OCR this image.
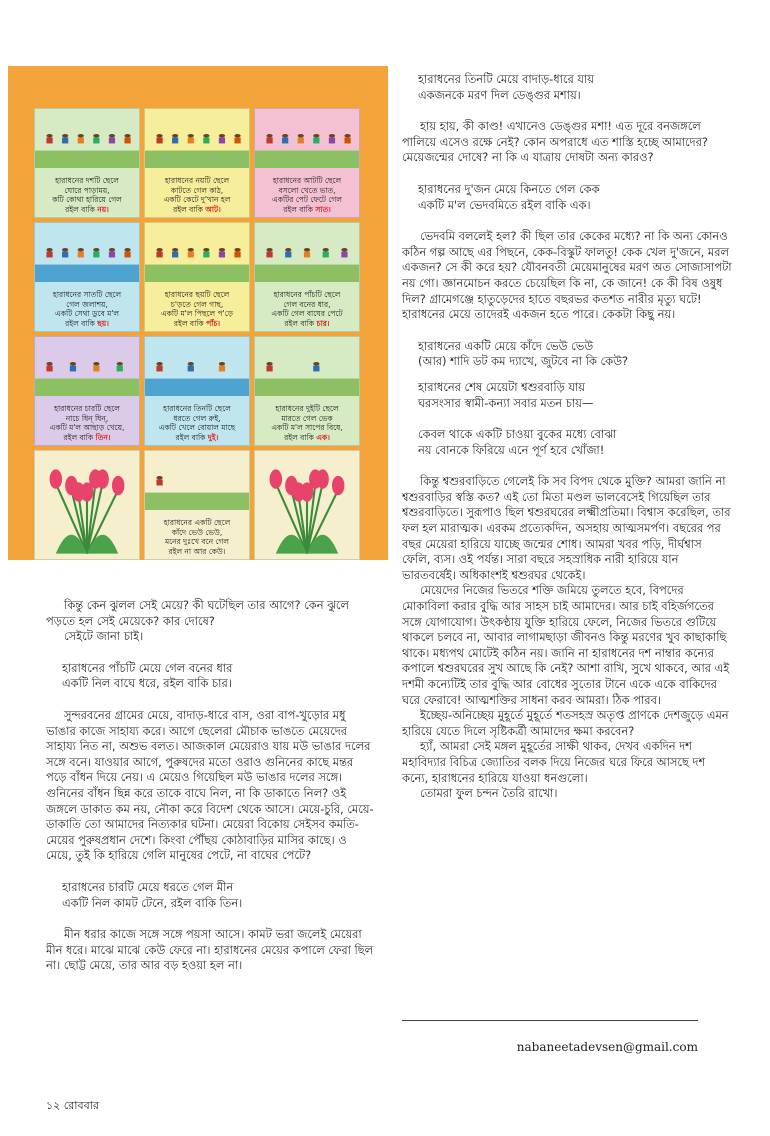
হারাধনের দশটি ছেলে
ঘোরে পাড়াময়,
কটি কোথা হারিয়ে গেল
রইল বাকি নয়।
হারাধনের নয়টি ছেলে
কাটতে গেল কাঠ,
একটি কেটে দু'খান হল
রইল বাকি আট।
হারাধনের আটটি ছেলে
বসলো খেতে ভাত,
একটির পেট ফেটে গেল
রইল বাকি সাত।
হারাধনের সাতটি ছেলে
গেল জলাশয়,
একটি সেথা ডুবে ম'ল
রইল বাকি ছয়।
হারাধনের ছয়টি ছেলে
চ'ড়তে গেল গাছ,
একটি ম'ল পিছলে প'ড়ে
রইল বাকি পাঁচ।
হারাধনের পাঁচটি ছেলে
গেল বনের ধার,
একটি গেল বাঘের পেটে
রইল বাকি চার।
হারাধনের চারটি ছেলে
নাচে ধিন্ ধিন্,
একটি ম'ল আছাড় খেয়ে,
রইল বাকি তিন।
হারাধনের তিনটি ছেলে
ধরতে গেল রুই,
একটি খেলে বোয়াল মাছে
রইল বাকি দুই।
হারাধনের দুইটি ছেলে
মারতে গেল ভেক
একটি ম'ল সাপের বিষে,
রইল বাকি এক।
হারাধনের একটি ছেলে
কাঁদে ভেউ ভেউ,
মনের দুঃখে বনে গেল
রইল না আর কেউ।

কিন্তু কেন ঝুলল সেই মেয়ে? কী ঘটেছিল তার আগে? কেন ঝুলে পড়তে হল সেই মেয়েকে? কার দোষে?

সেইটে জানা চাই।

হারাধনের পাঁচটি মেয়ে গেল বনের ধার
একটি নিল বাঘে ধরে, রইল বাকি চার।

সুন্দরবনের গ্রামের মেয়ে, বাদাড়-ধারে বাস, ওরা বাপ-খুড়োর মধু ভাঙার কাজে সাহায্য করে। আগে ছেলেরা মৌচাক ভাঙতে মেয়েদের সাহায্য নিত না, অশুভ বলত। আজকাল মেয়েরাও যায় মউ ভাঙার দলের সঙ্গে বনে। যাওয়ার আগে, পুরুষদের মতো ওরাও গুনিনের কাছে মন্তর পড়ে বাঁধন দিয়ে নেয়। এ মেয়েও গিয়েছিল মউ ভাঙার দলের সঙ্গে। গুনিনের বাঁধন ছিন্ন করে তাকে বাঘে নিল, না কি ডাকাতে নিল? ওই জঙ্গলে ডাকাত কম নয়, নৌকা করে বিদেশ থেকে আসে। মেয়ে-চুরি, মেয়ে-ডাকাতি তো আমাদের নিত্যকার ঘটনা। মেয়েরা বিকোয় সেইসব কমতি-মেয়ের পুরুষপ্রধান দেশে। কিংবা পৌঁছয় কোঠাবাড়ির মাসির কাছে। ও মেয়ে, তুই কি হারিয়ে গেলি মানুষের পেটে, না বাঘের পেটে?

হারাধনের চারটি মেয়ে ধরতে গেল মীন
একটি নিল কামট টেনে, রইল বাকি তিন।

মীন ধরার কাজে সঙ্গে সঙ্গে পয়সা আসে। কামট ভরা জলেই মেয়েরা মীন ধরে। মাঝে মাঝে কেউ ফেরে না। হারাধনের মেয়ের কপালে ফেরা ছিল না। ছোট্ট মেয়ে, তার আর বড় হওয়া হল না।

হারাধনের তিনটি মেয়ে বাদাড়-ধারে যায়
একজনকে মরণ দিল ডেঙ্গুর মশায়।

হায় হায়, কী কাণ্ড! এখানেও ডেঙ্গুর মশা! এত দূরে বনজঙ্গলে পালিয়ে এসেও রক্ষে নেই? কোন অপরাধে এত শাস্তি হচ্ছে আমাদের? মেয়েজন্মের দোষে? না কি এ যাত্রায় দোষটা অন্য কারও?

হারাধনের দু'জন মেয়ে কিনতে গেল কেক
একটি ম'ল ভেদবমিতে রইল বাকি এক।

ভেদবমি বললেই হল? কী ছিল তার কেকের মধ্যে? না কি অন্য কোনও কঠিন গল্প আছে এর পিছনে, কেক-বিস্কুট ফালতু! কেক খেল দু'জনে, মরল একজন? সে কী করে হয়? যৌবনবতী মেয়েমানুষের মরণ অত সোজাসাপটা নয় গো। জ্ঞানমোচন করতে চেয়েছিল কি না, কে জানে! কে কী বিষ ওষুধ দিল? গ্রামেগঞ্জে হাতুড়েদের হাতে বছরভর কতশত নারীর মৃত্যু ঘটে! হারাধনের মেয়ে তাদেরই একজন হতে পারে। কেকটা কিছু নয়।

হারাধনের একটি মেয়ে কাঁদে ভেউ ভেউ
(আর) শাদি ডট কম দ্যাখে, জুটবে না কি কেউ?
হারাধনের শেষ মেয়েটা শ্বশুরবাড়ি যায়
ঘরসংসার স্বামী-কন্যা সবার মতন চায়—
কেবল থাকে একটি চাওয়া বুকের মধ্যে বোঝা
নয় বোনকে ফিরিয়ে এনে পূর্ণ হবে খোঁজা!

কিন্তু শ্বশুরবাড়িতে গেলেই কি সব বিপদ থেকে মুক্তি? আমরা জানি না শ্বশুরবাড়ির স্বস্তি কত? এই তো মিতা মণ্ডল ভালবেসেই গিয়েছিল তার শ্বশুরবাড়িতে। সুরূপাও ছিল শ্বশুরঘরের লক্ষ্মীপ্রতিমা। বিশ্বাস করেছিল, তার ফল হল মারাত্মক। এরকম প্রত্যেকদিন, অসহায় আত্মসমর্পণ। বছরের পর বছর মেয়েরা হারিয়ে যাচ্ছে জন্মের শোধ। আমরা খবর পড়ি, দীর্ঘশ্বাস ফেলি, ব্যস। ওই পর্যন্ত। সারা বছরে সহস্রাধিক নারী হারিয়ে যান ভারতবর্ষেই। অধিকাংশই শ্বশুরঘর থেকেই।

মেয়েদের নিজের ভিতরে শক্তি জমিয়ে তুলতে হবে, বিপদের মোকাবিলা করার বুদ্ধি আর সাহস চাই আমাদের। আর চাই বহির্জগতের সঙ্গে যোগাযোগ। উৎকণ্ঠায় যুক্তি হারিয়ে ফেলে, নিজের ভিতরে গুটিয়ে থাকলে চলবে না, আবার লাগামছাড়া জীবনও কিন্তু মরণের খুব কাছাকাছি থাকে। মধ্যপথ মোটেই কঠিন নয়। জানি না হারাধনের দশ নাম্বার কন্যের কপালে শ্বশুরঘরের সুখ আছে কি নেই? আশা রাখি, সুখে থাকবে, আর এই দশমী কন্যেটিই তার বুদ্ধি আর বোধের সুতোর টানে একে একে বাকিদের ঘরে ফেরাবে! আত্মশক্তির সাধনা করব আমরা। ঠিক পারব।

ইচ্ছেয়-অনিচ্ছেয় মুহূর্তে মুহূর্তে শতসহস্র অতৃপ্ত প্রাণকে দেশজুড়ে এমন হারিয়ে যেতে দিলে সৃষ্টিকর্ত্রী আমাদের ক্ষমা করবেন?

হ্যাঁ, আমরা সেই মঙ্গল মুহূর্তের সাক্ষী থাকব, দেখব একদিন দশ মহাবিদ্যার বিচিত্র জ্যোতির বলক দিয়ে নিজের ঘরে ফিরে আসছে দশ কন্যে, হারাধনের হারিয়ে যাওয়া ধনগুলো।

তোমরা ফুল চন্দন তৈরি রাখো।

nabaneetadevsen@gmail.com
১২ রোববার
